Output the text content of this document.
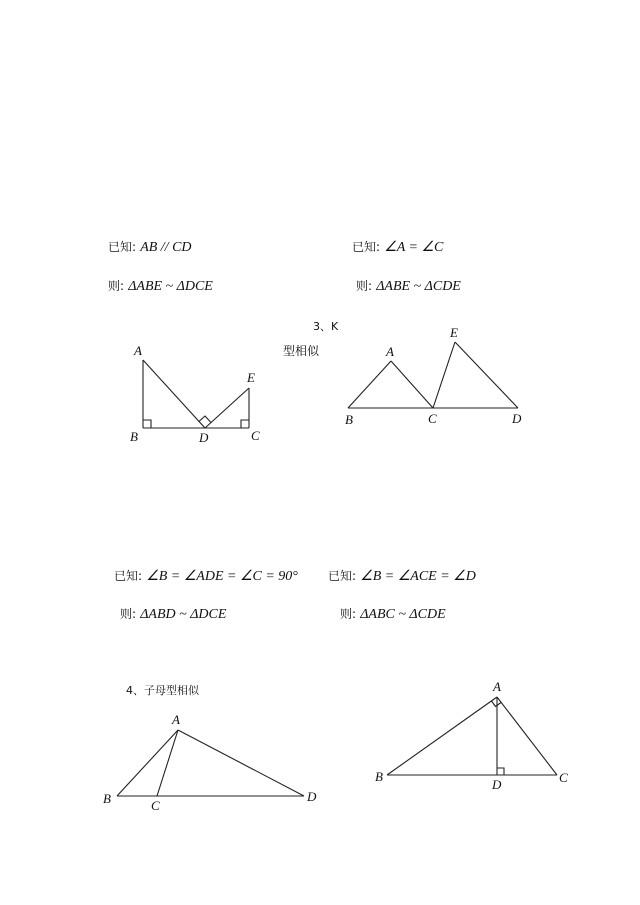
已知: AB // CD
则: ΔABE ~ ΔDCE
已知: ∠A = ∠C
则: ΔABE ~ ΔCDE
3、K
型相似
已知: ∠B = ∠ADE = ∠C = 90°
则: ΔABD ~ ΔDCE
已知: ∠B = ∠ACE = ∠D
则: ΔABC ~ ΔCDE
4、子母型相似
A
B	D	C
E
A
B	C	D
E
A
B	C
D
A
B	C
D
